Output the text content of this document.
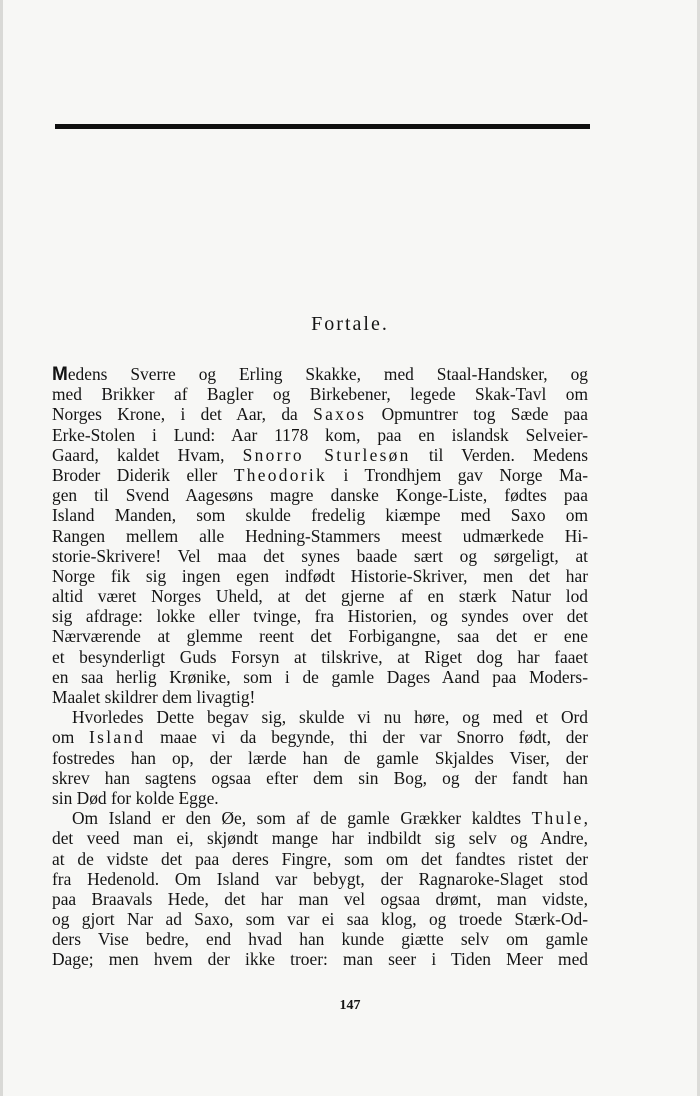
Fortale.
Medens Sverre og Erling Skakke, med Staal-Handsker, og
med Brikker af Bagler og Birkebener, legede Skak-Tavl om
Norges Krone, i det Aar, da Saxos Opmuntrer tog Sæde paa
Erke-Stolen i Lund: Aar 1178 kom, paa en islandsk Selveier-
Gaard, kaldet Hvam, Snorro Sturlesøn til Verden. Medens
Broder Diderik eller Theodorik i Trondhjem gav Norge Ma-
gen til Svend Aagesøns magre danske Konge-Liste, fødtes paa
Island Manden, som skulde fredelig kiæmpe med Saxo om
Rangen mellem alle Hedning-Stammers meest udmærkede Hi-
storie-Skrivere! Vel maa det synes baade sært og sørgeligt, at
Norge fik sig ingen egen indfødt Historie-Skriver, men det har
altid været Norges Uheld, at det gjerne af en stærk Natur lod
sig afdrage: lokke eller tvinge, fra Historien, og syndes over det
Nærværende at glemme reent det Forbigangne, saa det er ene
et besynderligt Guds Forsyn at tilskrive, at Riget dog har faaet
en saa herlig Krønike, som i de gamle Dages Aand paa Moders-
Maalet skildrer dem livagtig!
Hvorledes Dette begav sig, skulde vi nu høre, og med et Ord
om Island maae vi da begynde, thi der var Snorro født, der
fostredes han op, der lærde han de gamle Skjaldes Viser, der
skrev han sagtens ogsaa efter dem sin Bog, og der fandt han
sin Død for kolde Egge.
Om Island er den Øe, som af de gamle Grækker kaldtes Thule,
det veed man ei, skjøndt mange har indbildt sig selv og Andre,
at de vidste det paa deres Fingre, som om det fandtes ristet der
fra Hedenold. Om Island var bebygt, der Ragnaroke-Slaget stod
paa Braavals Hede, det har man vel ogsaa drømt, man vidste,
og gjort Nar ad Saxo, som var ei saa klog, og troede Stærk-Od-
ders Vise bedre, end hvad han kunde giætte selv om gamle
Dage; men hvem der ikke troer: man seer i Tiden Meer med
147
